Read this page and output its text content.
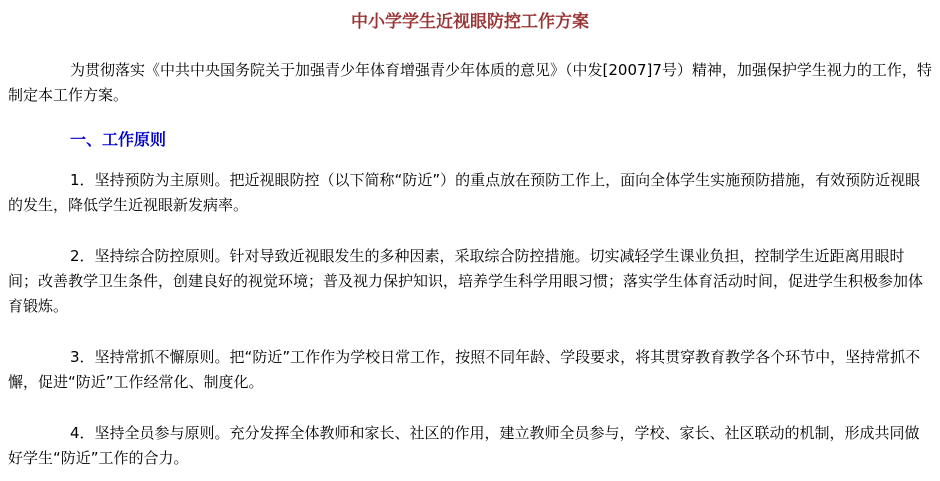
中小学学生近视眼防控工作方案

为贯彻落实《中共中央国务院关于加强青少年体育增强青少年体质的意见》（中发[2007]7号）精神，加强保护学生视力的工作，特制定本工作方案。

一、工作原则

1．坚持预防为主原则。把近视眼防控（以下简称“防近”）的重点放在预防工作上，面向全体学生实施预防措施，有效预防近视眼的发生，降低学生近视眼新发病率。

2．坚持综合防控原则。针对导致近视眼发生的多种因素，采取综合防控措施。切实减轻学生课业负担，控制学生近距离用眼时间；改善教学卫生条件，创建良好的视觉环境；普及视力保护知识，培养学生科学用眼习惯；落实学生体育活动时间，促进学生积极参加体育锻炼。

3．坚持常抓不懈原则。把“防近”工作作为学校日常工作，按照不同年龄、学段要求，将其贯穿教育教学各个环节中，坚持常抓不懈，促进“防近”工作经常化、制度化。

4．坚持全员参与原则。充分发挥全体教师和家长、社区的作用，建立教师全员参与，学校、家长、社区联动的机制，形成共同做好学生“防近”工作的合力。
